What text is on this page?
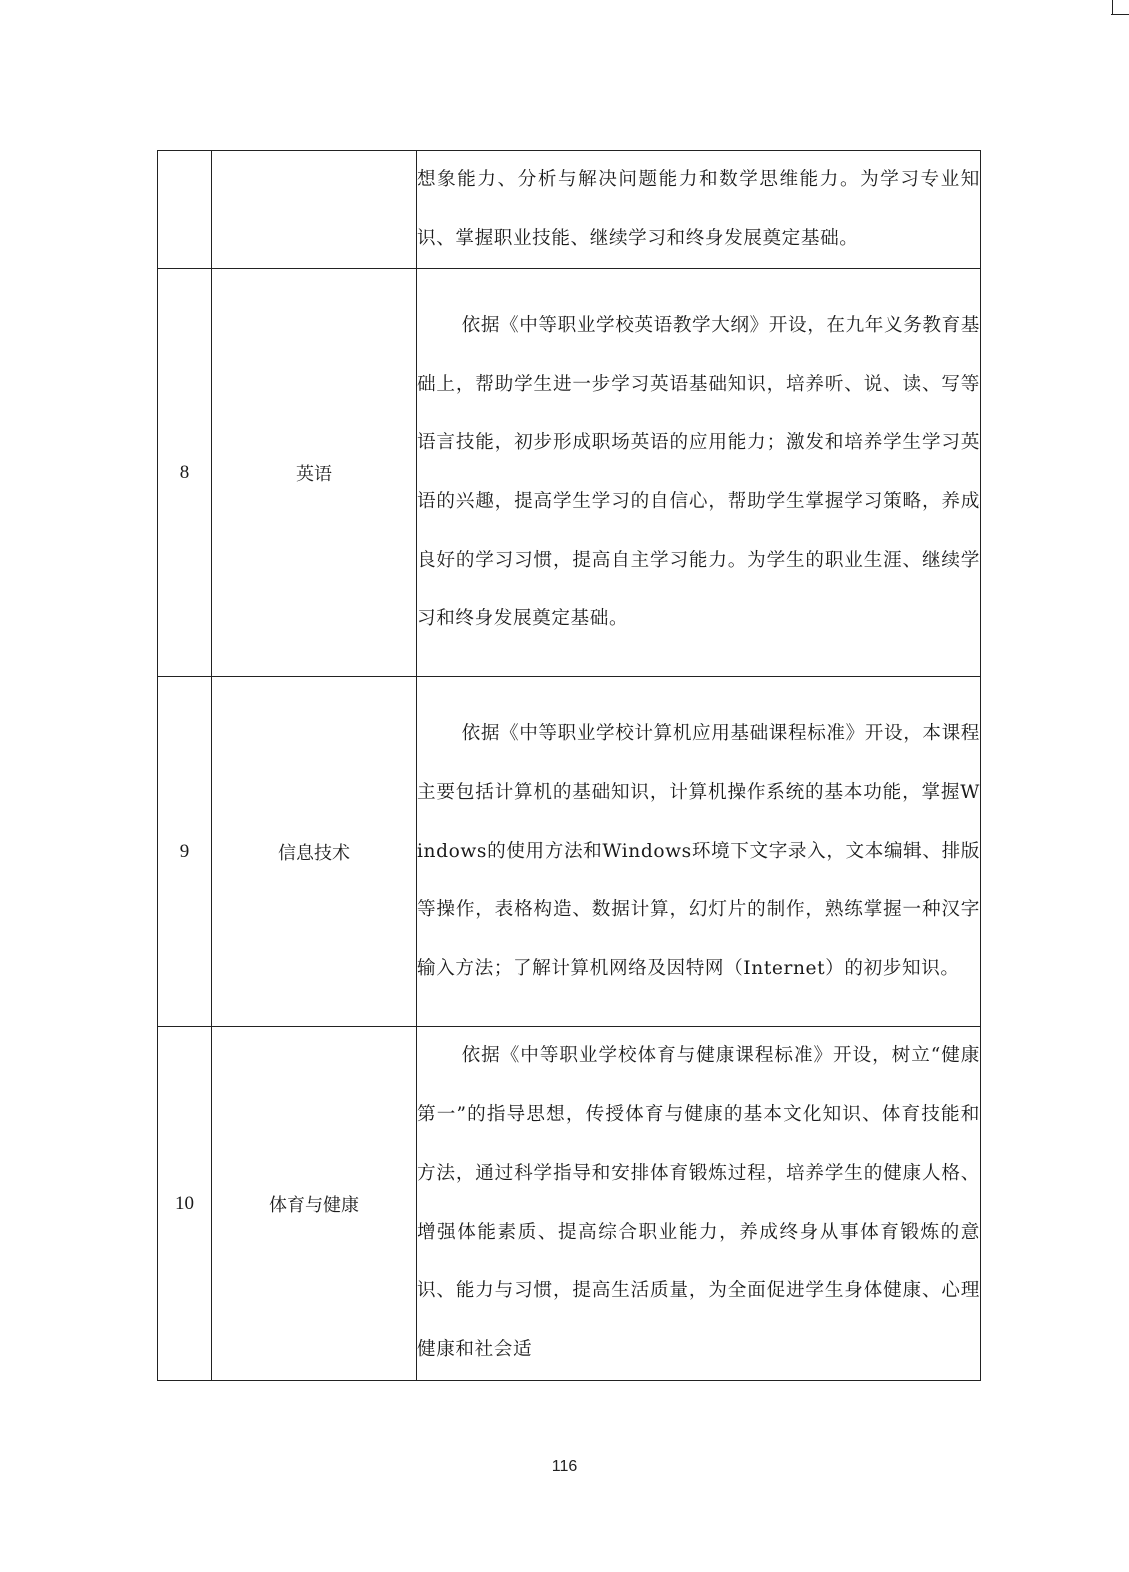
		想象能力、分析与解决问题能力和数学思维能力。为学习专业知识、掌握职业技能、继续学习和终身发展奠定基础。

8	英语	依据《中等职业学校英语教学大纲》开设，在九年义务教育基础上，帮助学生进一步学习英语基础知识，培养听、说、读、写等语言技能，初步形成职场英语的应用能力；激发和培养学生学习英语的兴趣，提高学生学习的自信心，帮助学生掌握学习策略，养成良好的学习习惯，提高自主学习能力。为学生的职业生涯、继续学习和终身发展奠定基础。

9	信息技术	依据《中等职业学校计算机应用基础课程标准》开设，本课程主要包括计算机的基础知识，计算机操作系统的基本功能，掌握Windows的使用方法和Windows环境下文字录入，文本编辑、排版等操作，表格构造、数据计算，幻灯片的制作，熟练掌握一种汉字输入方法；了解计算机网络及因特网（Internet）的初步知识。

10	体育与健康	依据《中等职业学校体育与健康课程标准》开设，树立“健康第一”的指导思想，传授体育与健康的基本文化知识、体育技能和方法，通过科学指导和安排体育锻炼过程，培养学生的健康人格、增强体能素质、提高综合职业能力，养成终身从事体育锻炼的意识、能力与习惯，提高生活质量，为全面促进学生身体健康、心理健康和社会适
116
